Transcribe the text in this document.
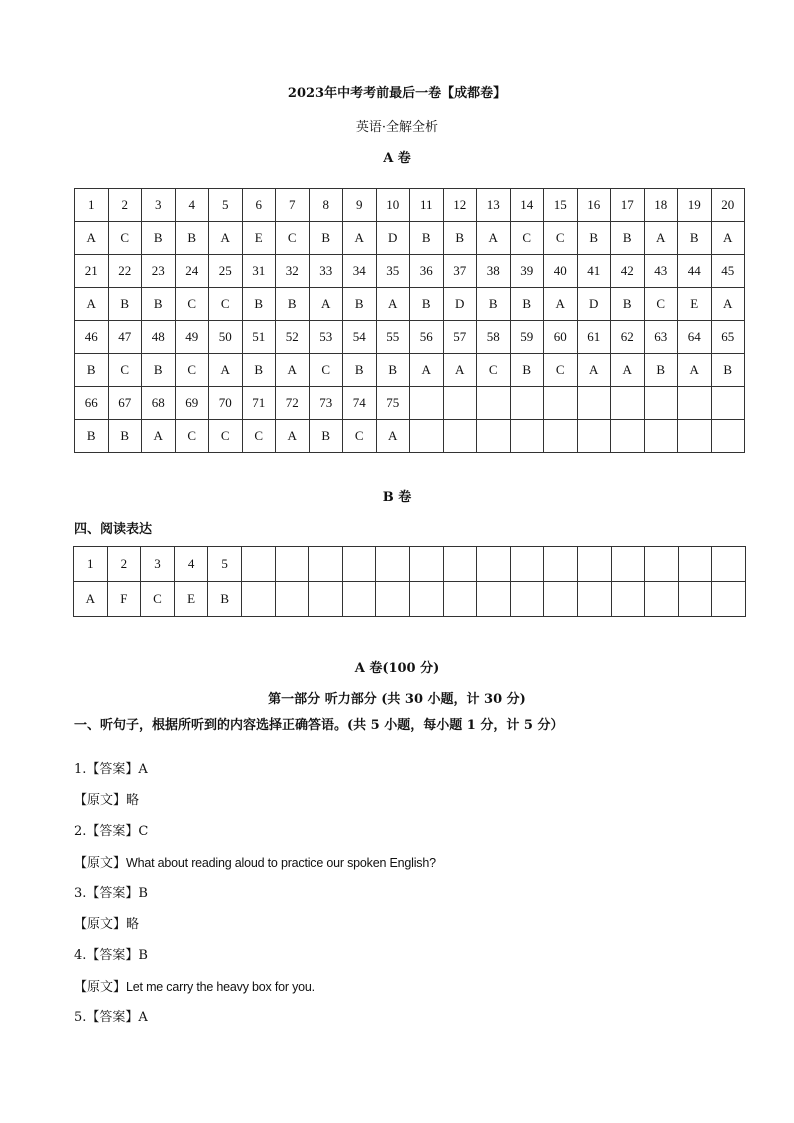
2023年中考考前最后一卷【成都卷】
英语·全解全析
A 卷
1	2	3	4	5	6	7	8	9	10	11	12	13	14	15	16	17	18	19	20
A	C	B	B	A	E	C	B	A	D	B	B	A	C	C	B	B	A	B	A
21	22	23	24	25	31	32	33	34	35	36	37	38	39	40	41	42	43	44	45
A	B	B	C	C	B	B	A	B	A	B	D	B	B	A	D	B	C	E	A
46	47	48	49	50	51	52	53	54	55	56	57	58	59	60	61	62	63	64	65
B	C	B	C	A	B	A	C	B	B	A	A	C	B	C	A	A	B	A	B
66	67	68	69	70	71	72	73	74	75										
B	B	A	C	C	C	A	B	C	A										
B 卷
四、阅读表达
1	2	3	4	5															
A	F	C	E	B															
A 卷(100 分)
第一部分 听力部分 (共 30 小题，计 30 分)
一、听句子，根据所听到的内容选择正确答语。(共 5 小题，每小题 1 分，计 5 分）
1.【答案】A
【原文】略
2.【答案】C
【原文】What about reading aloud to practice our spoken English?
3.【答案】B
【原文】略
4.【答案】B
【原文】Let me carry the heavy box for you.
5.【答案】A
